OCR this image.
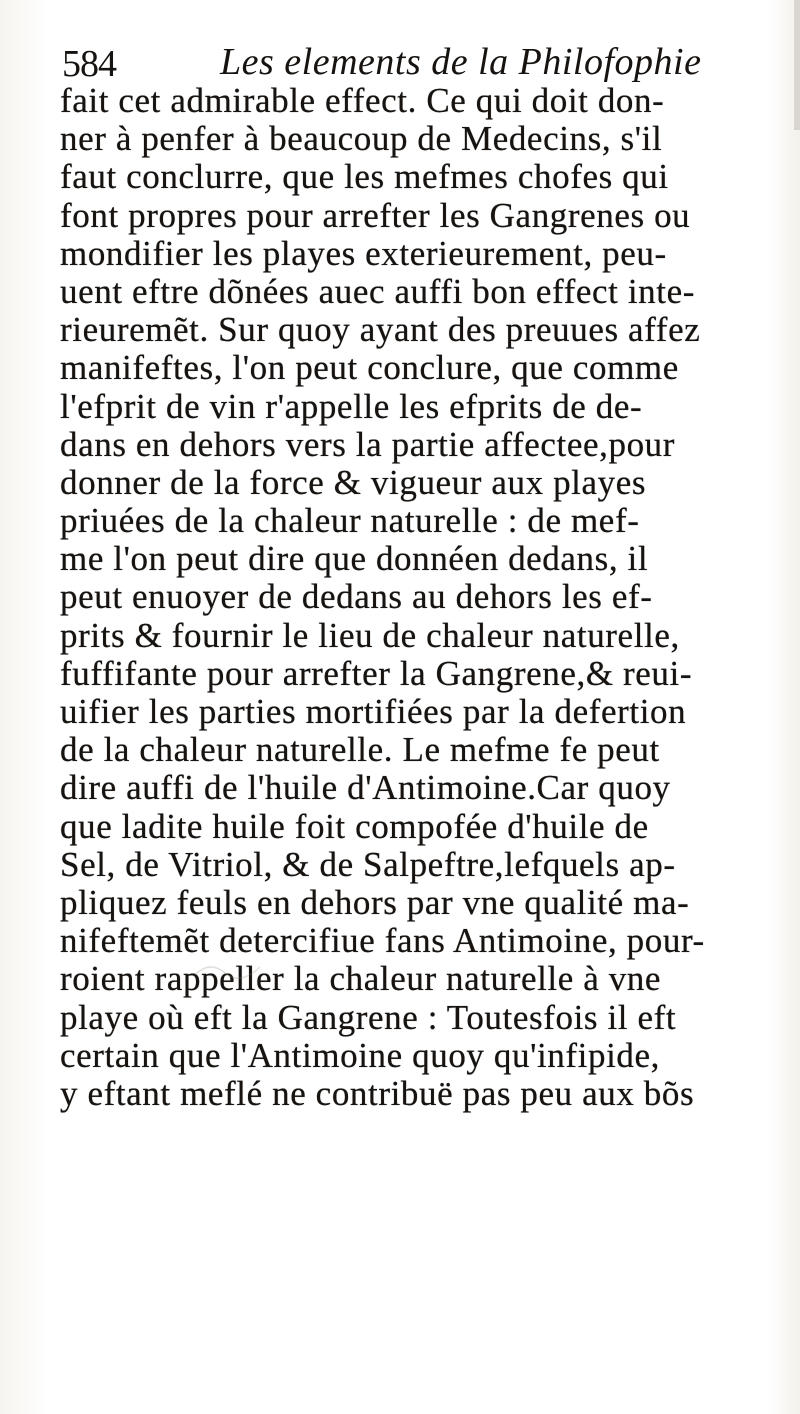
584	Les elements de la Philofophie
fait cet admirable effect. Ce qui doit don-
ner à penfer à beaucoup de Medecins, s'il
faut conclurre, que les mefmes chofes qui
font propres pour arrefter les Gangrenes ou
mondifier les playes exterieurement, peu-
uent eftre dõnées auec auffi bon effect inte-
rieuremẽt. Sur quoy ayant des preuues affez
manifeftes, l'on peut conclure, que comme
l'efprit de vin r'appelle les efprits de de-
dans en dehors vers la partie affectee,pour
donner de la force & vigueur aux playes
priuées de la chaleur naturelle : de mef-
me l'on peut dire que donnéen dedans, il
peut enuoyer de dedans au dehors les ef-
prits & fournir le lieu de chaleur naturelle,
fuffifante pour arrefter la Gangrene,& reui-
uifier les parties mortifiées par la defertion
de la chaleur naturelle. Le mefme fe peut
dire auffi de l'huile d'Antimoine.Car quoy
que ladite huile foit compofée d'huile de
Sel, de Vitriol, & de Salpeftre,lefquels ap-
pliquez feuls en dehors par vne qualité ma-
nifeftemẽt detercifiue fans Antimoine, pour-
roient rappeller la chaleur naturelle à vne
playe où eft la Gangrene : Toutesfois il eft
certain que l'Antimoine quoy qu'infipide,
y eftant meflé ne contribuë pas peu aux bõs
